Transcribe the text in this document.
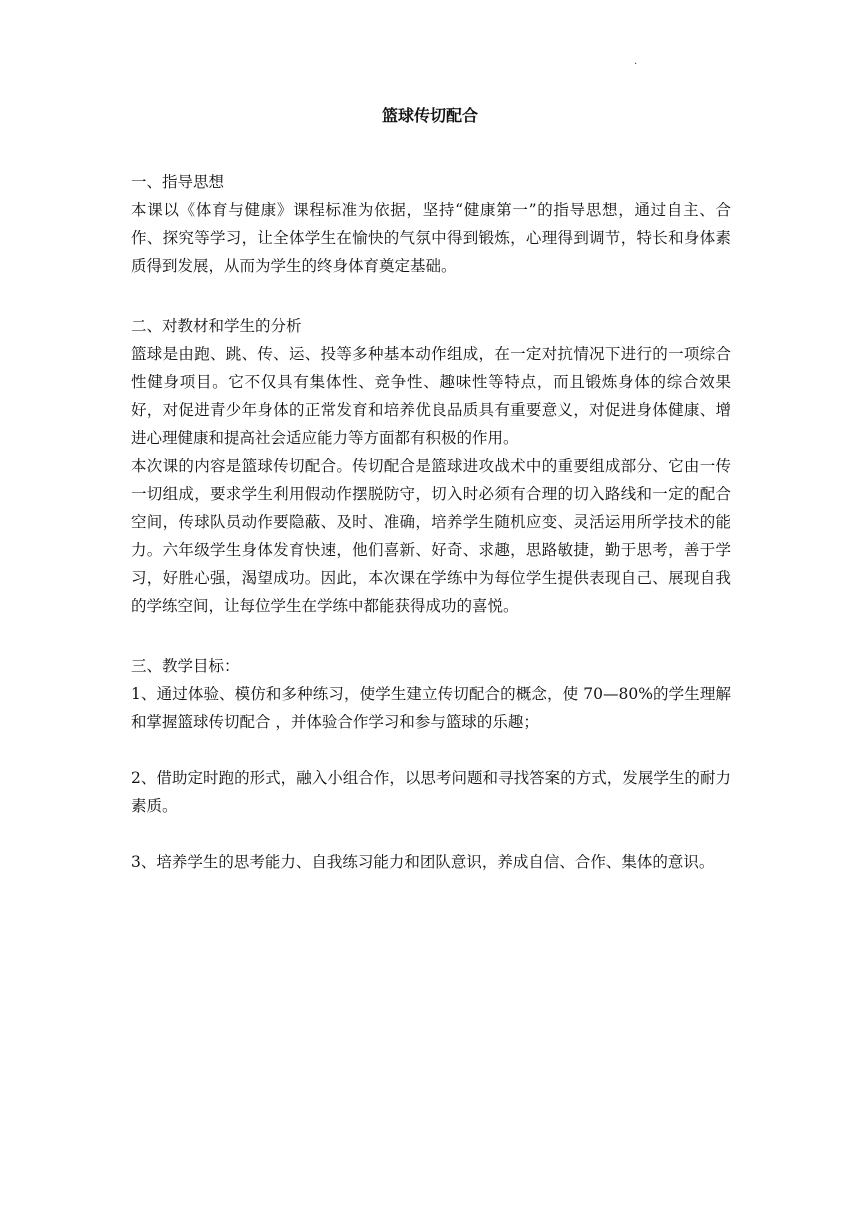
.
篮球传切配合
一、指导思想

本课以《体育与健康》课程标准为依据，坚持“健康第一”的指导思想，通过自主、合作、探究等学习，让全体学生在愉快的气氛中得到锻炼，心理得到调节，特长和身体素质得到发展，从而为学生的终身体育奠定基础。

二、对教材和学生的分析

篮球是由跑、跳、传、运、投等多种基本动作组成，在一定对抗情况下进行的一项综合性健身项目。它不仅具有集体性、竞争性、趣味性等特点，而且锻炼身体的综合效果好，对促进青少年身体的正常发育和培养优良品质具有重要意义，对促进身体健康、增进心理健康和提高社会适应能力等方面都有积极的作用。

本次课的内容是篮球传切配合。传切配合是篮球进攻战术中的重要组成部分、它由一传一切组成，要求学生利用假动作摆脱防守，切入时必须有合理的切入路线和一定的配合空间，传球队员动作要隐蔽、及时、准确，培养学生随机应变、灵活运用所学技术的能力。六年级学生身体发育快速，他们喜新、好奇、求趣，思路敏捷，勤于思考，善于学习，好胜心强，渴望成功。因此，本次课在学练中为每位学生提供表现自己、展现自我的学练空间，让每位学生在学练中都能获得成功的喜悦。

三、教学目标：

1、通过体验、模仿和多种练习，使学生建立传切配合的概念，使 70—80%的学生理解和掌握篮球传切配合 ，并体验合作学习和参与篮球的乐趣；

2、借助定时跑的形式，融入小组合作，以思考问题和寻找答案的方式，发展学生的耐力素质。

3、培养学生的思考能力、自我练习能力和团队意识，养成自信、合作、集体的意识。
